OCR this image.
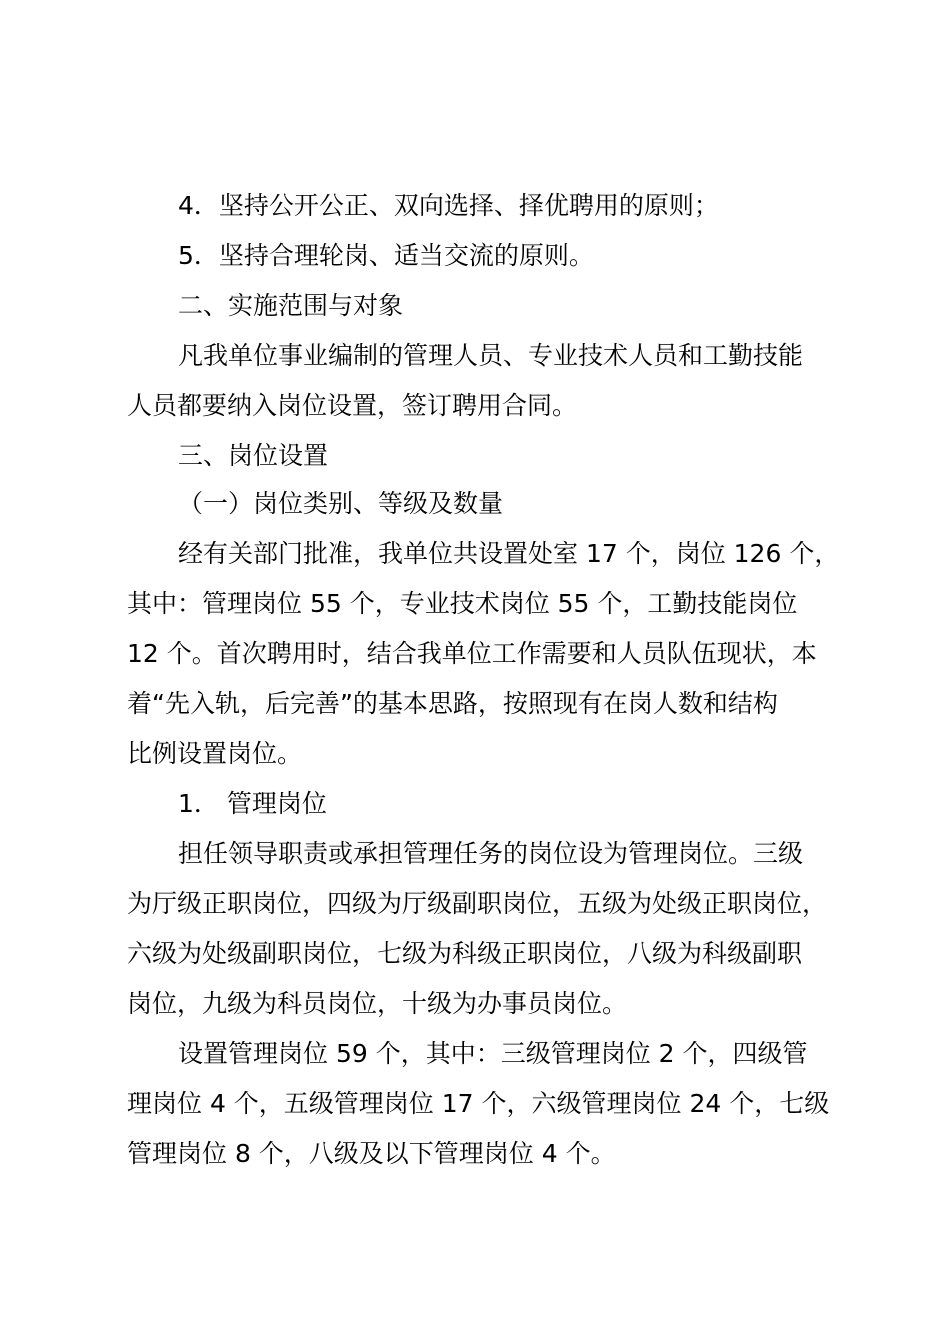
4．坚持公开公正、双向选择、择优聘用的原则；
5．坚持合理轮岗、适当交流的原则。
二、实施范围与对象
凡我单位事业编制的管理人员、专业技术人员和工勤技能
人员都要纳入岗位设置，签订聘用合同。
三、岗位设置
（一）岗位类别、等级及数量
经有关部门批准，我单位共设置处室 17 个，岗位 126 个，
其中：管理岗位 55 个，专业技术岗位 55 个，工勤技能岗位
12 个。首次聘用时，结合我单位工作需要和人员队伍现状，本
着“先入轨，后完善”的基本思路，按照现有在岗人数和结构
比例设置岗位。
1． 管理岗位
担任领导职责或承担管理任务的岗位设为管理岗位。三级
为厅级正职岗位，四级为厅级副职岗位，五级为处级正职岗位，
六级为处级副职岗位，七级为科级正职岗位，八级为科级副职
岗位，九级为科员岗位，十级为办事员岗位。
设置管理岗位 59 个，其中：三级管理岗位 2 个，四级管
理岗位 4 个，五级管理岗位 17 个，六级管理岗位 24 个，七级
管理岗位 8 个，八级及以下管理岗位 4 个。
